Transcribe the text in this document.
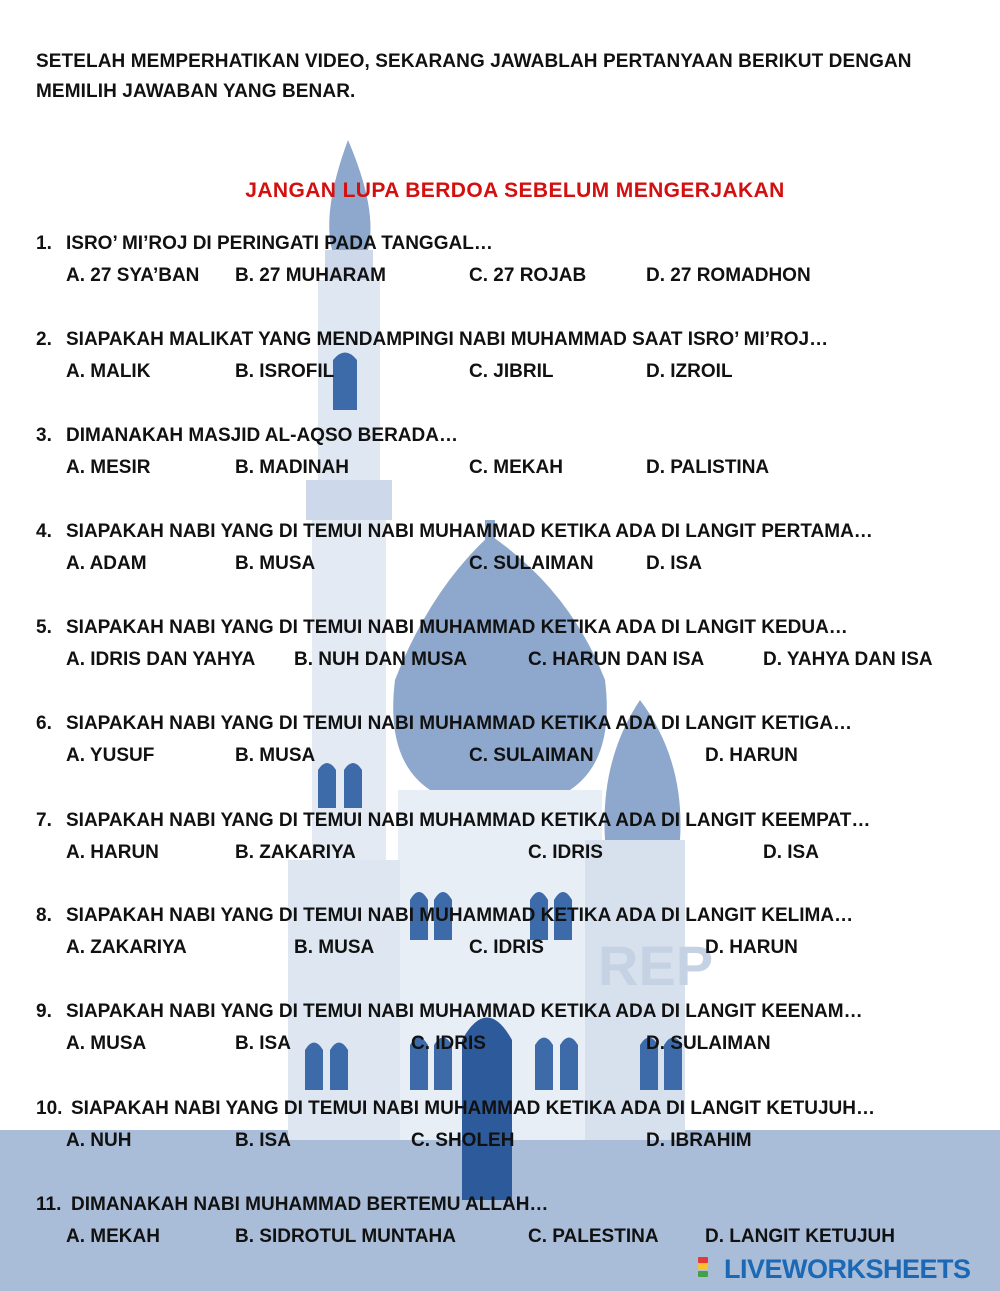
REP
SETELAH MEMPERHATIKAN VIDEO, SEKARANG JAWABLAH PERTANYAAN BERIKUT DENGAN MEMILIH JAWABAN YANG BENAR.
JANGAN LUPA BERDOA SEBELUM MENGERJAKAN
1. ISRO’ MI’ROJ DI PERINGATI PADA TANGGAL…
A. 27 SYA’BAN B. 27 MUHARAM	C. 27 ROJAB	D. 27 ROMADHON
2. SIAPAKAH MALIKAT YANG MENDAMPINGI NABI MUHAMMAD SAAT ISRO’ MI’ROJ…
A. MALIK	B. ISROFIL	C. JIBRIL	D. IZROIL
3. DIMANAKAH MASJID AL-AQSO BERADA…
A. MESIR	B. MADINAH	C. MEKAH	D. PALISTINA
4. SIAPAKAH NABI YANG DI TEMUI NABI MUHAMMAD KETIKA ADA DI LANGIT PERTAMA…
A. ADAM	B. MUSA	C. SULAIMAN	D. ISA
5. SIAPAKAH NABI YANG DI TEMUI NABI MUHAMMAD KETIKA ADA DI LANGIT KEDUA…
A. IDRIS DAN YAHYA B. NUH DAN MUSA	C. HARUN DAN ISA	D. YAHYA DAN ISA
6. SIAPAKAH NABI YANG DI TEMUI NABI MUHAMMAD KETIKA ADA DI LANGIT KETIGA…
A. YUSUF	B. MUSA	C. SULAIMAN	D. HARUN
7. SIAPAKAH NABI YANG DI TEMUI NABI MUHAMMAD KETIKA ADA DI LANGIT KEEMPAT…
A. HARUN	B. ZAKARIYA	C. IDRIS	D. ISA
8. SIAPAKAH NABI YANG DI TEMUI NABI MUHAMMAD KETIKA ADA DI LANGIT KELIMA…
A. ZAKARIYA	B. MUSA	C. IDRIS	D. HARUN
9. SIAPAKAH NABI YANG DI TEMUI NABI MUHAMMAD KETIKA ADA DI LANGIT KEENAM…
A. MUSA	B. ISA	C. IDRIS	D. SULAIMAN
10. SIAPAKAH NABI YANG DI TEMUI NABI MUHAMMAD KETIKA ADA DI LANGIT KETUJUH…
A. NUH	B. ISA	C. SHOLEH	D. IBRAHIM
11. DIMANAKAH NABI MUHAMMAD BERTEMU ALLAH…
A. MEKAH	B. SIDROTUL MUNTAHA	C. PALESTINA D. LANGIT KETUJUH
LIVEWORKSHEETS
